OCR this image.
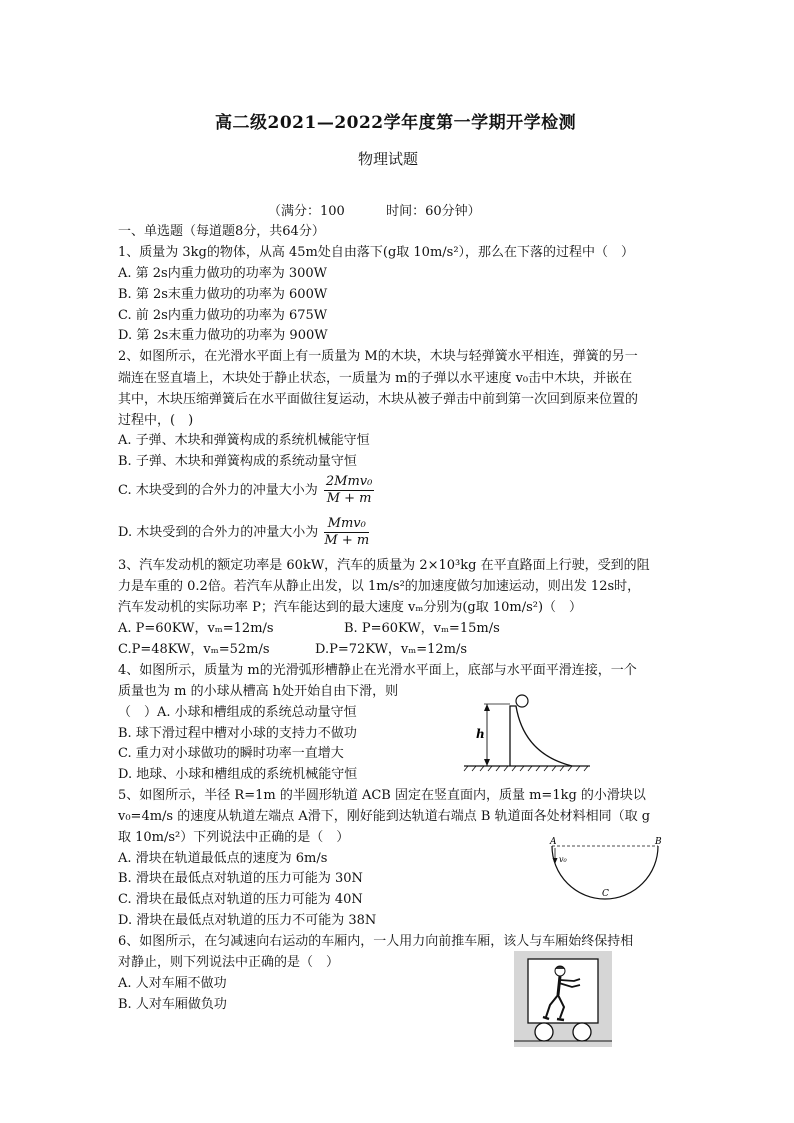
高二级2021—2022学年度第一学期开学检测
物理试题
（满分：100          时间：60分钟）
一、单选题（每道题8分，共64分）
1、质量为 3kg的物体，从高 45m处自由落下(g取 10m/s²），那么在下落的过程中（　）
A. 第 2s内重力做功的功率为 300W
B. 第 2s末重力做功的功率为 600W
C. 前 2s内重力做功的功率为 675W
D. 第 2s末重力做功的功率为 900W
2、如图所示，在光滑水平面上有一质量为 M的木块，木块与轻弹簧水平相连，弹簧的另一
端连在竖直墙上，木块处于静止状态，一质量为 m的子弹以水平速度 v₀击中木块，并嵌在
其中，木块压缩弹簧后在水平面做往复运动，木块从被子弹击中前到第一次回到原来位置的
过程中，(　)
A. 子弹、木块和弹簧构成的系统机械能守恒
B. 子弹、木块和弹簧构成的系统动量守恒
C. 木块受到的合外力的冲量大小为 $\frac{\text{2Mmv₀}}{M + m}$
D. 木块受到的合外力的冲量大小为 $\frac{\text{Mmv₀}}{M + m}$
3、汽车发动机的额定功率是 60kW，汽车的质量为 2×10³kg 在平直路面上行驶，受到的阻
力是车重的 0.2倍。若汽车从静止出发，以 1m/s²的加速度做匀加速运动，则出发 12s时，
汽车发动机的实际功率 P；汽车能达到的最大速度 vₘ分别为(g取 10m/s²)（　）
A. P=60KW，vₘ=12m/s	B. P=60KW，vₘ=15m/s
C.P=48KW，vₘ=52m/s	D.P=72KW，vₘ=12m/s
4、如图所示，质量为 m的光滑弧形槽静止在光滑水平面上，底部与水平面平滑连接，一个
质量也为 m 的小球从槽高 h处开始自由下滑，则
（　）A. 小球和槽组成的系统总动量守恒
B. 球下滑过程中槽对小球的支持力不做功
C. 重力对小球做功的瞬时功率一直增大
D. 地球、小球和槽组成的系统机械能守恒
h
5、如图所示，半径 R=1m 的半圆形轨道 ACB 固定在竖直面内，质量 m=1kg 的小滑块以
v₀=4m/s 的速度从轨道左端点 A滑下，刚好能到达轨道右端点 B 轨道面各处材料相同（取 g
取 10m/s²）下列说法中正确的是（　）
A. 滑块在轨道最低点的速度为 6m/s
B. 滑块在最低点对轨道的压力可能为 30N
C. 滑块在最低点对轨道的压力可能为 40N
D. 滑块在最低点对轨道的压力不可能为 38N
A	B
C
v₀
6、如图所示，在匀减速向右运动的车厢内，一人用力向前推车厢，该人与车厢始终保持相
对静止，则下列说法中正确的是（　）
A. 人对车厢不做功
B. 人对车厢做负功
